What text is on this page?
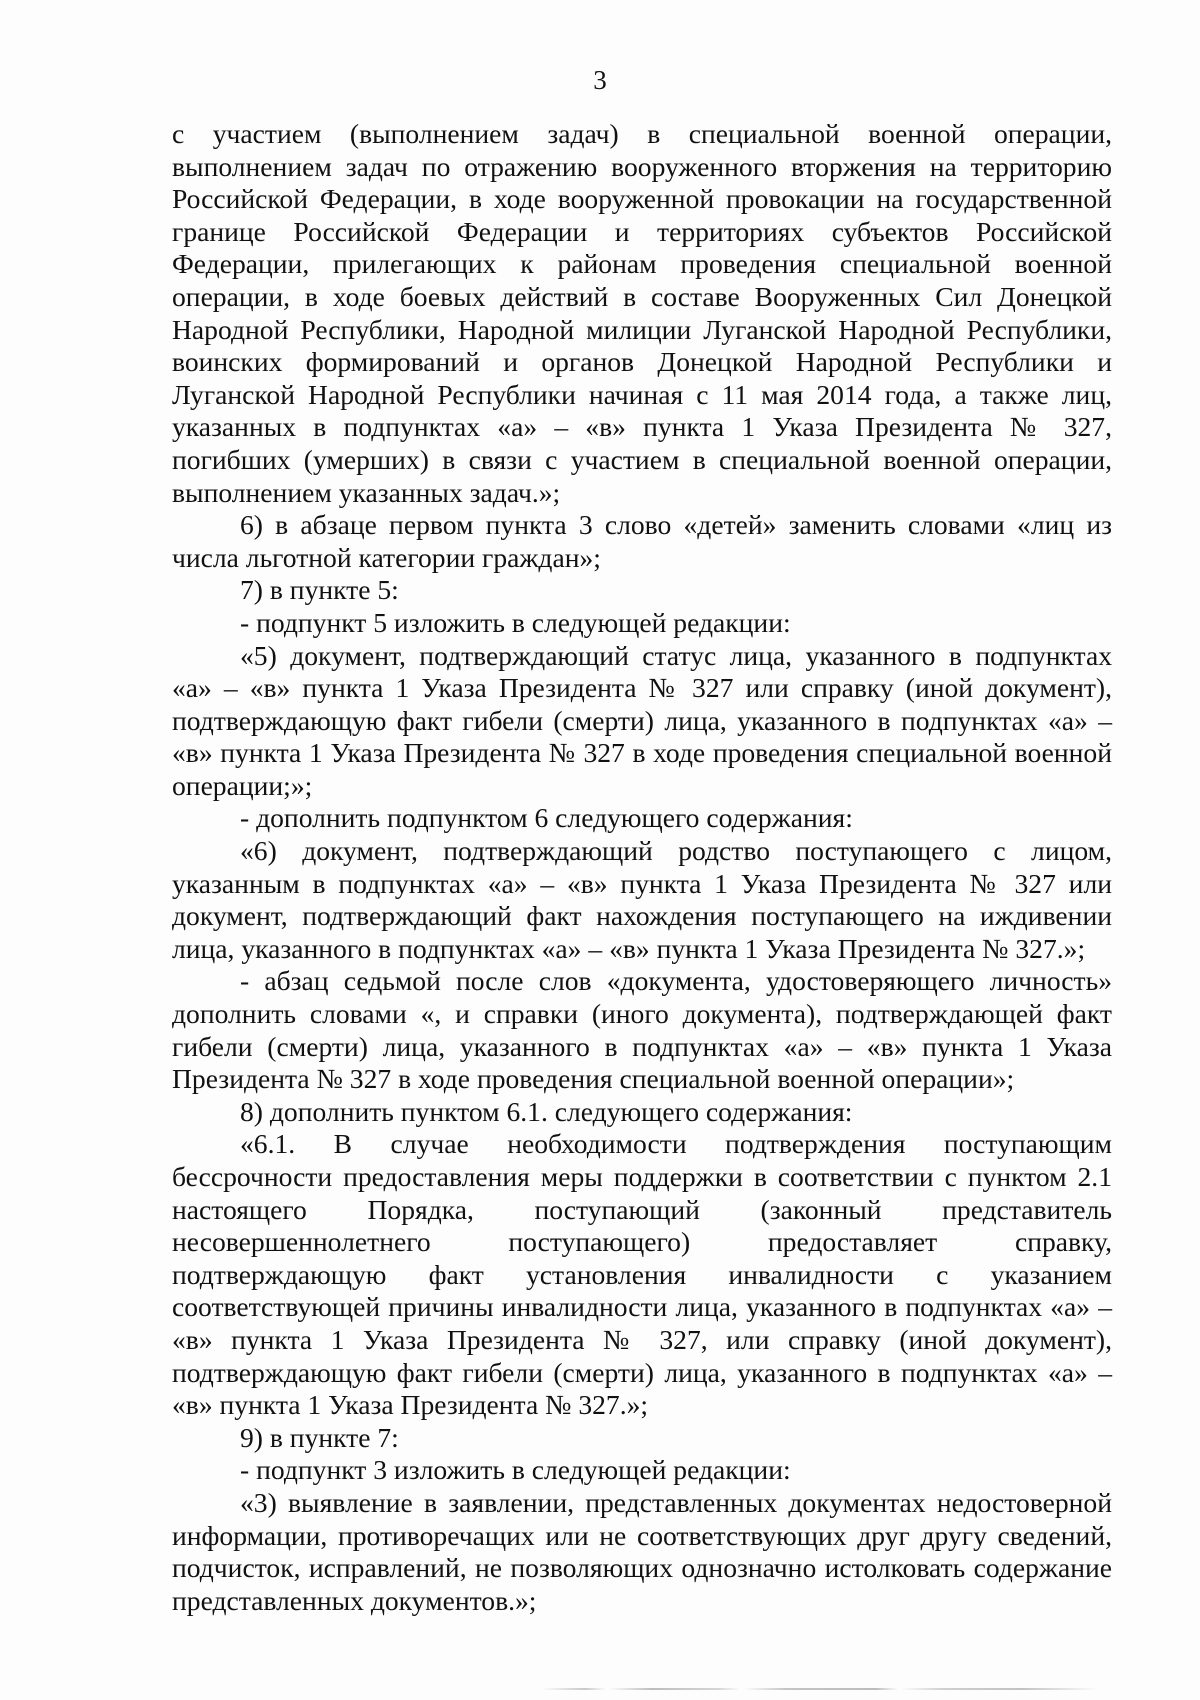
3

с участием (выполнением задач) в специальной военной операции, выполнением задач по отражению вооруженного вторжения на территорию Российской Федерации, в ходе вооруженной провокации на государственной границе Российской Федерации и территориях субъектов Российской Федерации, прилегающих к районам проведения специальной военной операции, в ходе боевых действий в составе Вооруженных Сил Донецкой Народной Республики, Народной милиции Луганской Народной Республики, воинских формирований и органов Донецкой Народной Республики и Луганской Народной Республики начиная с 11 мая 2014 года, а также лиц, указанных в подпунктах «а» – «в» пункта 1 Указа Президента № 327, погибших (умерших) в связи с участием в специальной военной операции, выполнением указанных задач.»;

6) в абзаце первом пункта 3 слово «детей» заменить словами «лиц из числа льготной категории граждан»;

7) в пункте 5:

- подпункт 5 изложить в следующей редакции:

«5) документ, подтверждающий статус лица, указанного в подпунктах «а» – «в» пункта 1 Указа Президента № 327 или справку (иной документ), подтверждающую факт гибели (смерти) лица, указанного в подпунктах «а» – «в» пункта 1 Указа Президента № 327 в ходе проведения специальной военной операции;»;

- дополнить подпунктом 6 следующего содержания:

«6) документ, подтверждающий родство поступающего с лицом, указанным в подпунктах «а» – «в» пункта 1 Указа Президента № 327 или документ, подтверждающий факт нахождения поступающего на иждивении лица, указанного в подпунктах «а» – «в» пункта 1 Указа Президента № 327.»;

- абзац седьмой после слов «документа, удостоверяющего личность» дополнить словами «, и справки (иного документа), подтверждающей факт гибели (смерти) лица, указанного в подпунктах «а» – «в» пункта 1 Указа Президента № 327 в ходе проведения специальной военной операции»;

8) дополнить пунктом 6.1. следующего содержания:

«6.1. В случае необходимости подтверждения поступающим бессрочности предоставления меры поддержки в соответствии с пунктом 2.1 настоящего Порядка, поступающий (законный представитель несовершеннолетнего поступающего) предоставляет справку, подтверждающую факт установления инвалидности с указанием соответствующей причины инвалидности лица, указанного в подпунктах «а» – «в» пункта 1 Указа Президента № 327, или справку (иной документ), подтверждающую факт гибели (смерти) лица, указанного в подпунктах «а» – «в» пункта 1 Указа Президента № 327.»;

9) в пункте 7:

- подпункт 3 изложить в следующей редакции:

«3) выявление в заявлении, представленных документах недостоверной информации, противоречащих или не соответствующих друг другу сведений, подчисток, исправлений, не позволяющих однозначно истолковать содержание представленных документов.»;
